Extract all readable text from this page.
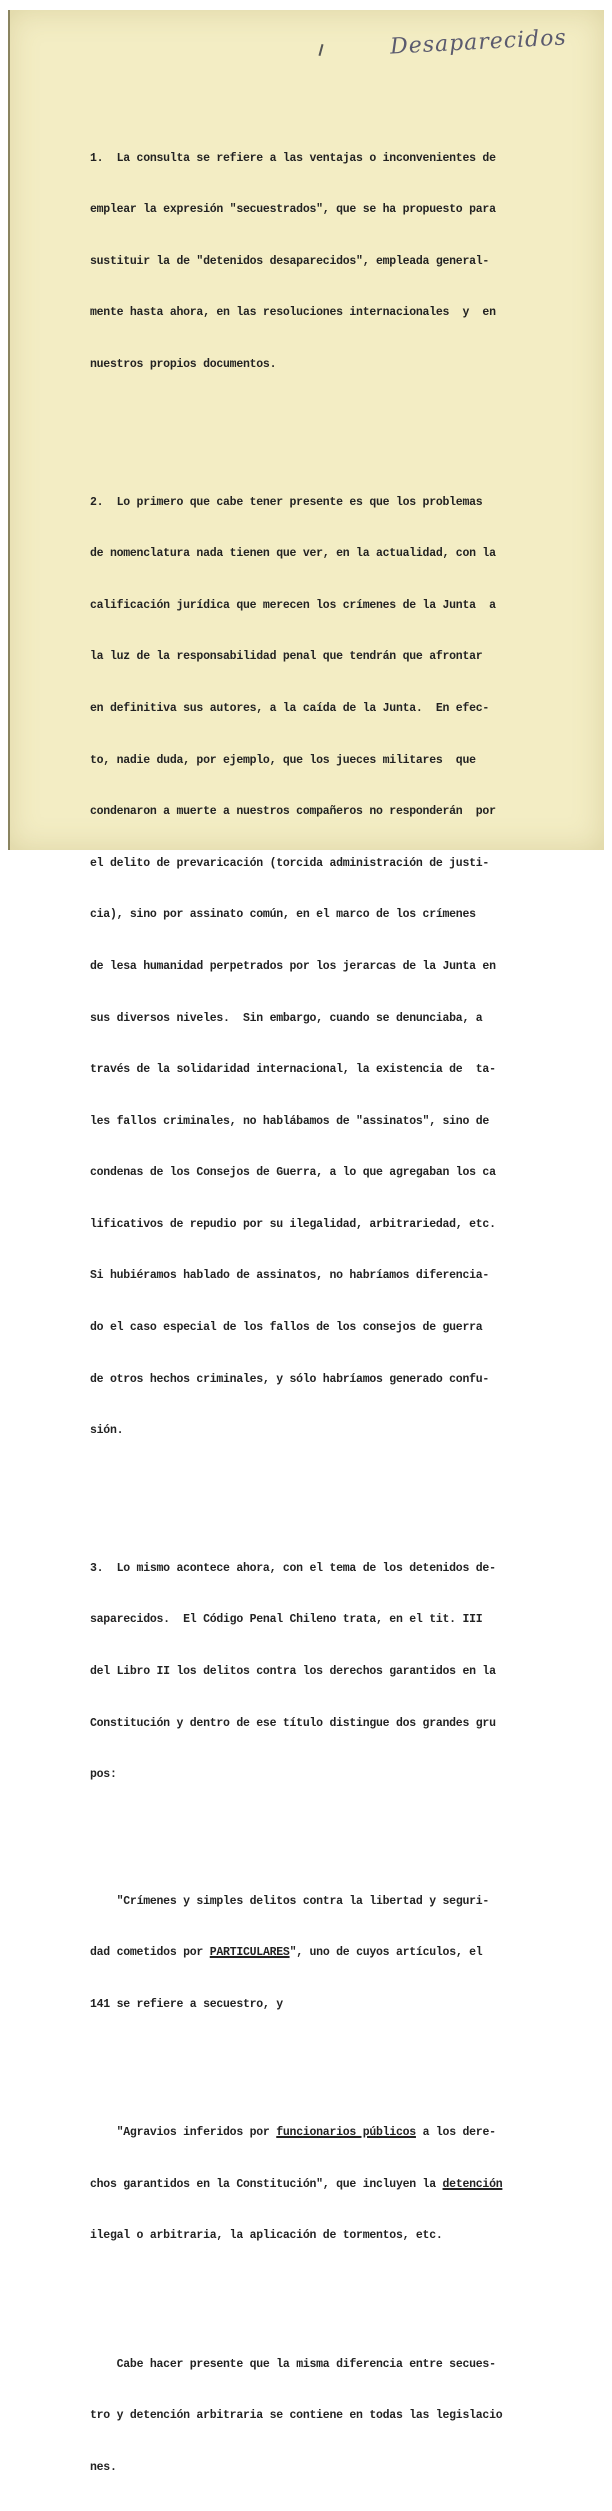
Desaparecidos

1.  La consulta se refiere a las ventajas o inconvenientes de

emplear la expresión "secuestrados", que se ha propuesto para

sustituir la de "detenidos desaparecidos", empleada general-

mente hasta ahora, en las resoluciones internacionales  y  en

nuestros propios documentos.

2.  Lo primero que cabe tener presente es que los problemas

de nomenclatura nada tienen que ver, en la actualidad, con la

calificación jurídica que merecen los crímenes de la Junta  a

la luz de la responsabilidad penal que tendrán que afrontar

en definitiva sus autores, a la caída de la Junta.  En efec-

to, nadie duda, por ejemplo, que los jueces militares  que

condenaron a muerte a nuestros compañeros no responderán  por

el delito de prevaricación (torcida administración de justi-

cia), sino por assinato común, en el marco de los crímenes

de lesa humanidad perpetrados por los jerarcas de la Junta en

sus diversos niveles.  Sin embargo, cuando se denunciaba, a

través de la solidaridad internacional, la existencia de  ta-

les fallos criminales, no hablábamos de "assinatos", sino de

condenas de los Consejos de Guerra, a lo que agregaban los ca

lificativos de repudio por su ilegalidad, arbitrariedad, etc.

Si hubiéramos hablado de assinatos, no habríamos diferencia-

do el caso especial de los fallos de los consejos de guerra

de otros hechos criminales, y sólo habríamos generado confu-

sión.

3.  Lo mismo acontece ahora, con el tema de los detenidos de-

saparecidos.  El Código Penal Chileno trata, en el tit. III

del Libro II los delitos contra los derechos garantidos en la

Constitución y dentro de ese título distingue dos grandes gru

pos:

"Crímenes y simples delitos contra la libertad y seguri-

dad cometidos por PARTICULARES", uno de cuyos artículos, el

141 se refiere a secuestro, y

"Agravios inferidos por funcionarios públicos a los dere-

chos garantidos en la Constitución", que incluyen la detención

ilegal o arbitraria, la aplicación de tormentos, etc.

Cabe hacer presente que la misma diferencia entre secues-

tro y detención arbitraria se contiene en todas las legislacio

nes.
